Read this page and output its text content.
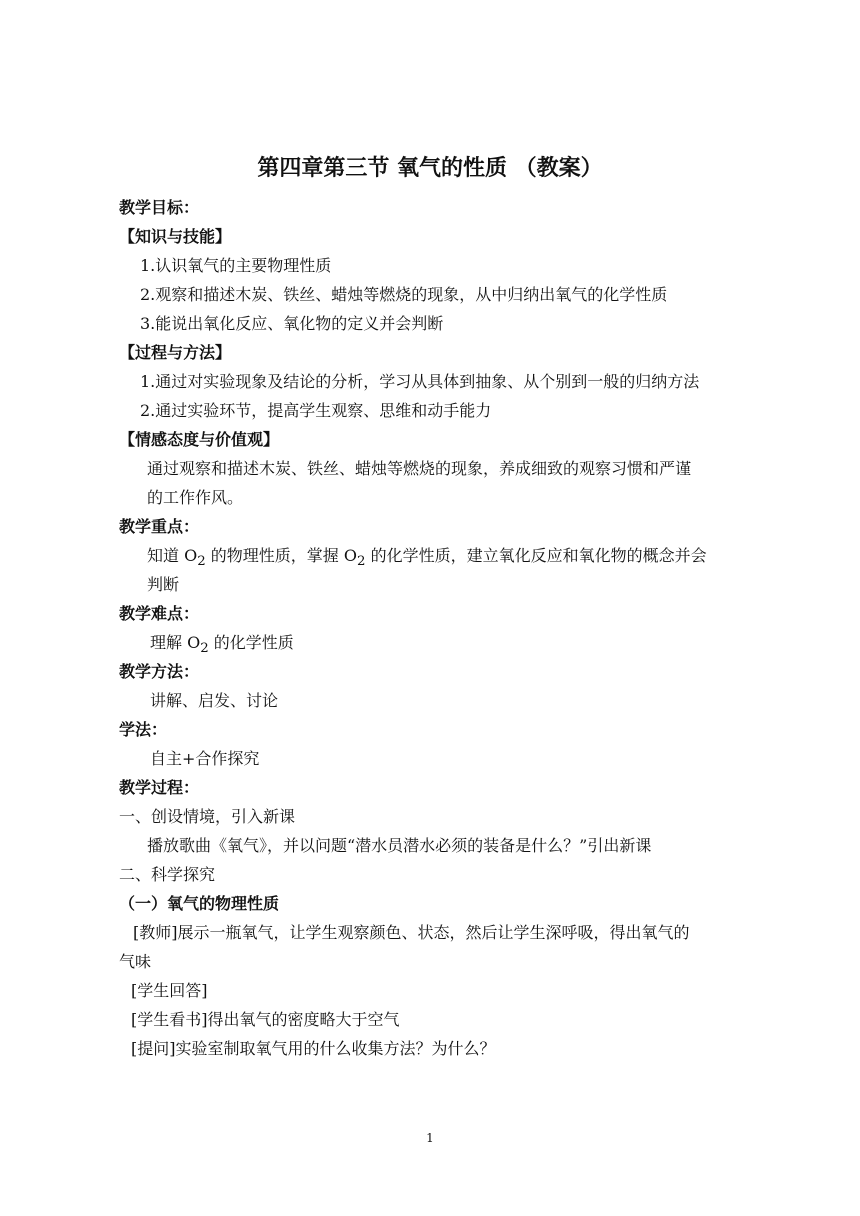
第四章第三节 氧气的性质 （教案）
教学目标：
【知识与技能】
1.认识氧气的主要物理性质
2.观察和描述木炭、铁丝、蜡烛等燃烧的现象，从中归纳出氧气的化学性质
3.能说出氧化反应、氧化物的定义并会判断
【过程与方法】
1.通过对实验现象及结论的分析，学习从具体到抽象、从个别到一般的归纳方法
2.通过实验环节，提高学生观察、思维和动手能力
【情感态度与价值观】
通过观察和描述木炭、铁丝、蜡烛等燃烧的现象，养成细致的观察习惯和严谨
的工作作风。
教学重点：
知道 $O_2$ 的物理性质，掌握 $O_2$ 的化学性质，建立氧化反应和氧化物的概念并会
判断
教学难点：
理解 $O_2$ 的化学性质
教学方法：
讲解、启发、讨论
学法：
自主+合作探究
教学过程：
一、创设情境，引入新课
播放歌曲《氧气》，并以问题“潜水员潜水必须的装备是什么？”引出新课
二、科学探究
（一）氧气的物理性质
[教师]展示一瓶氧气，让学生观察颜色、状态，然后让学生深呼吸，得出氧气的
气味
[学生回答]
[学生看书]得出氧气的密度略大于空气
[提问]实验室制取氧气用的什么收集方法？为什么？
1
